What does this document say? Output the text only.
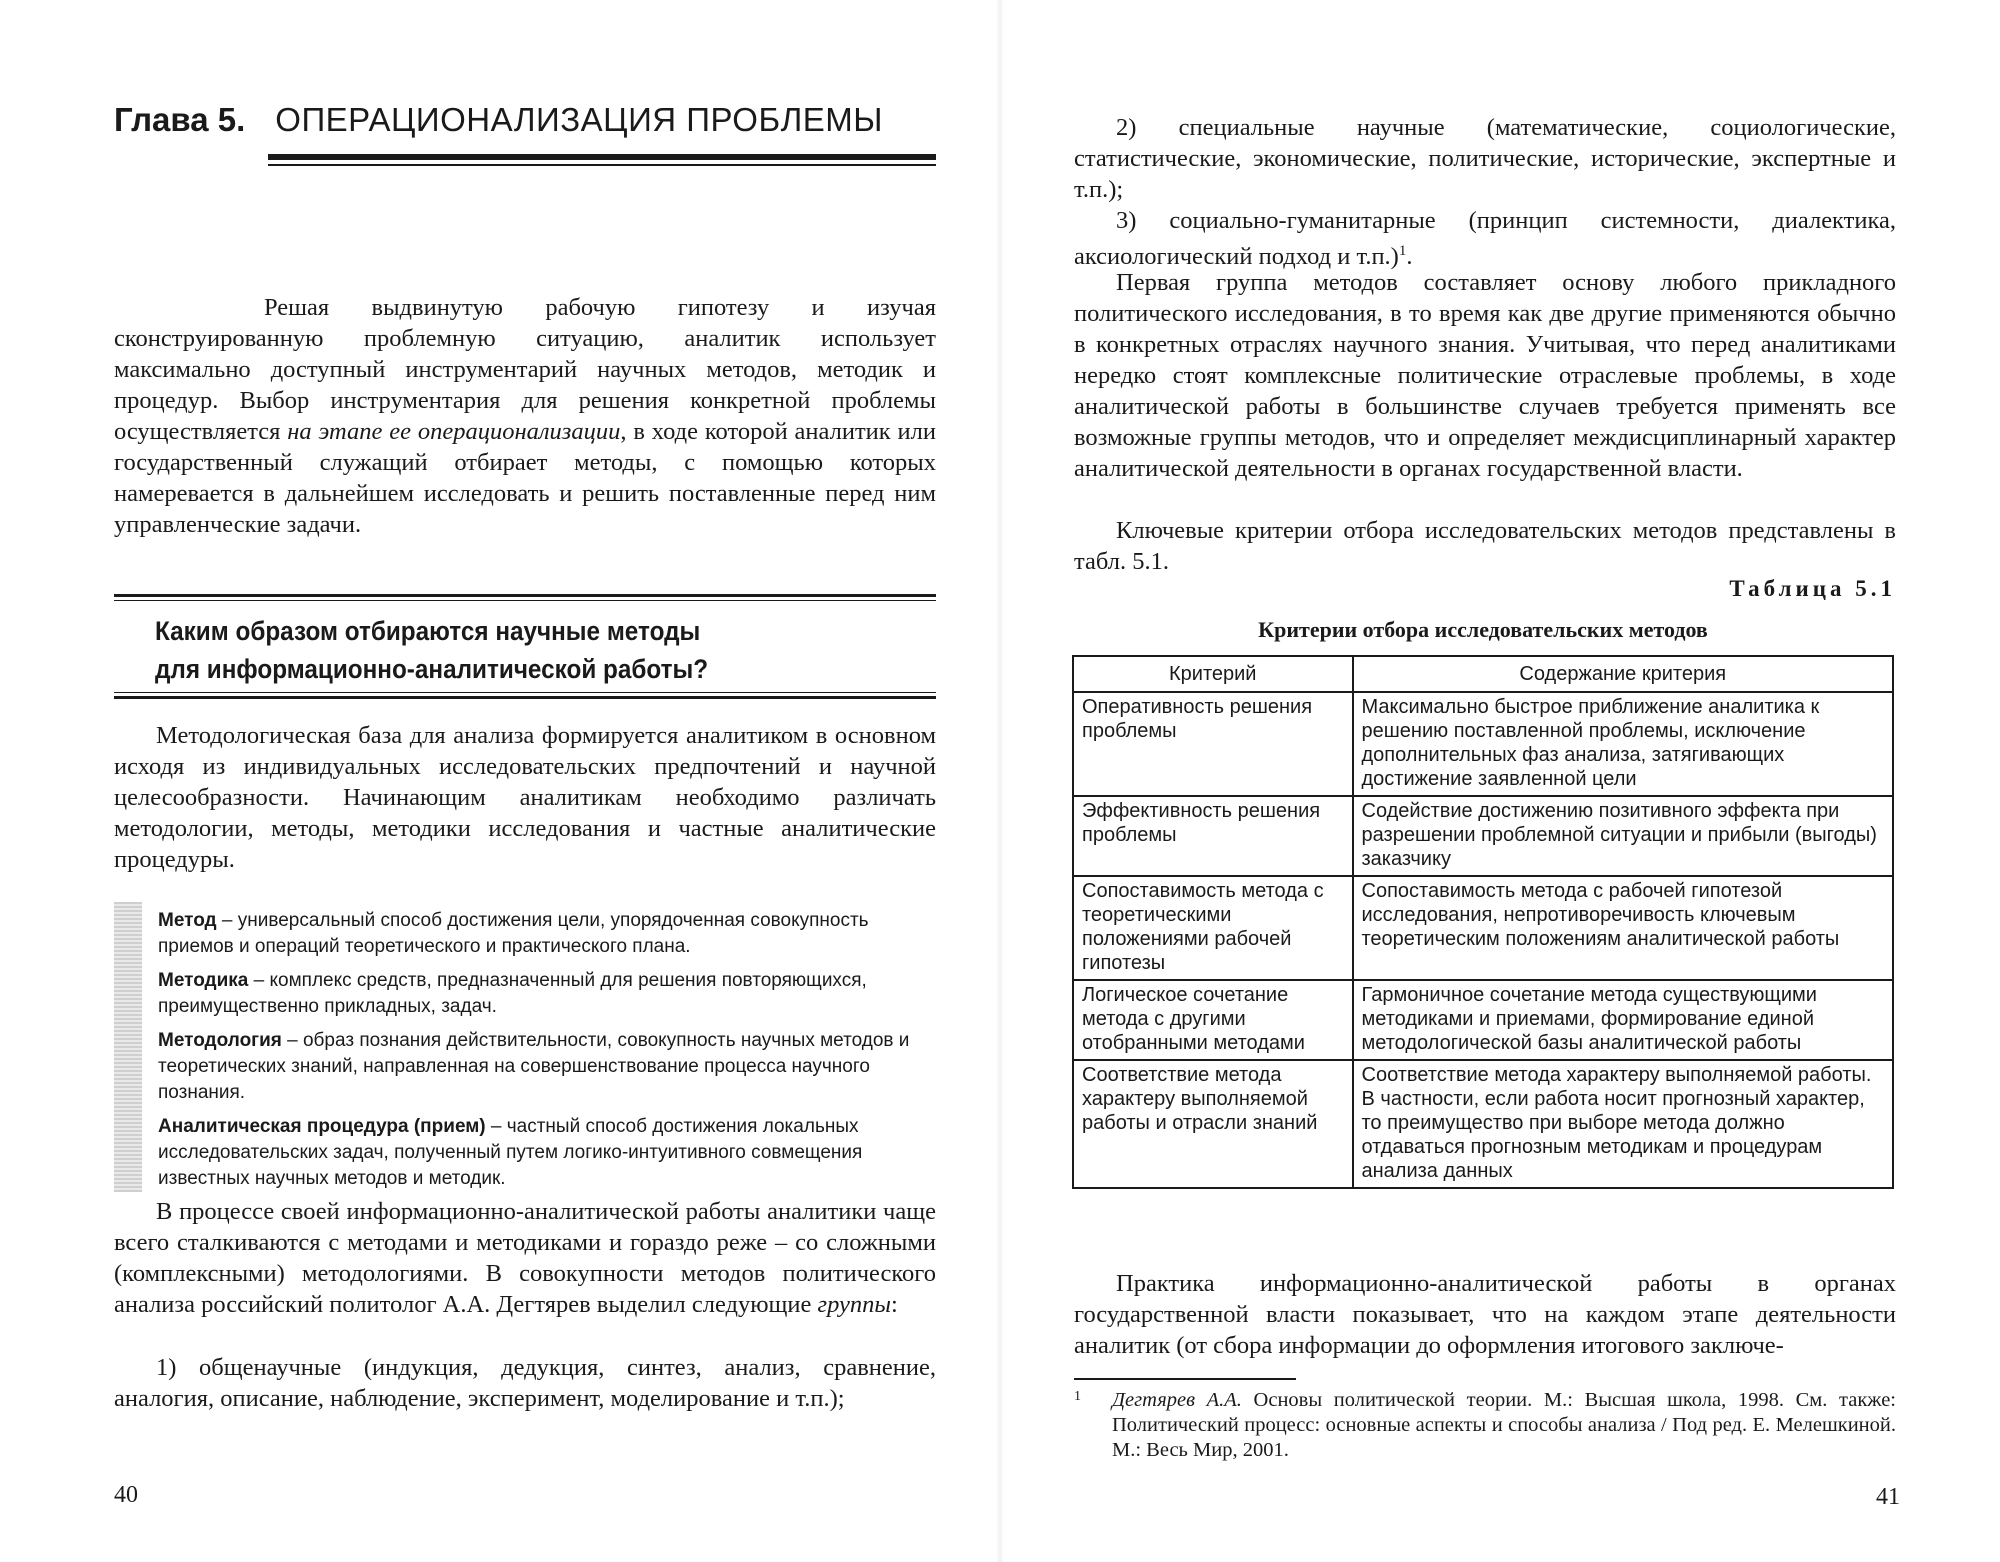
Глава 5. ОПЕРАЦИОНАЛИЗАЦИЯ ПРОБЛЕМЫ
Решая выдвинутую рабочую гипотезу и изучая сконструированную проблемную ситуацию, аналитик использует максимально доступный инструментарий научных методов, методик и процедур. Выбор инструментария для решения конкретной проблемы осуществляется на этапе ее операционализации, в ходе которой аналитик или государственный служащий отбирает методы, с помощью которых намеревается в дальнейшем исследовать и решить поставленные перед ним управленческие задачи.
Каким образом отбираются научные методы
для информационно-аналитической работы?
Методологическая база для анализа формируется аналитиком в основном исходя из индивидуальных исследовательских предпочтений и научной целесообразности. Начинающим аналитикам необходимо различать методологии, методы, методики исследования и частные аналитические процедуры.
Метод – универсальный способ достижения цели, упорядоченная совокупность приемов и операций теоретического и практического плана.
Методика – комплекс средств, предназначенный для решения повторяющихся, преимущественно прикладных, задач.
Методология – образ познания действительности, совокупность научных методов и теоретических знаний, направленная на совершенствование процесса научного познания.
Аналитическая процедура (прием) – частный способ достижения локальных исследовательских задач, полученный путем логико-интуитивного совмещения известных научных методов и методик.
В процессе своей информационно-аналитической работы аналитики чаще всего сталкиваются с методами и методиками и гораздо реже – со сложными (комплексными) методологиями. В совокупности методов политического анализа российский политолог А.А. Дегтярев выделил следующие группы:
1) общенаучные (индукция, дедукция, синтез, анализ, сравнение, аналогия, описание, наблюдение, эксперимент, моделирование и т.п.);
40
2) специальные научные (математические, социологические, статистические, экономические, политические, исторические, экспертные и т.п.);
3) социально-гуманитарные (принцип системности, диалектика, аксиологический подход и т.п.)$^1$.
Первая группа методов составляет основу любого прикладного политического исследования, в то время как две другие применяются обычно в конкретных отраслях научного знания. Учитывая, что перед аналитиками нередко стоят комплексные политические отраслевые проблемы, в ходе аналитической работы в большинстве случаев требуется применять все возможные группы методов, что и определяет междисциплинарный характер аналитической деятельности в органах государственной власти.
Ключевые критерии отбора исследовательских методов представлены в табл. 5.1.
Таблица 5.1
Критерии отбора исследовательских методов
Критерий	Содержание критерия
Оперативность решения проблемы	Максимально быстрое приближение аналитика к решению поставленной проблемы, исключение дополнительных фаз анализа, затягивающих достижение заявленной цели
Эффективность решения проблемы	Содействие достижению позитивного эффекта при разрешении проблемной ситуации и прибыли (выгоды) заказчику
Сопоставимость метода с теоретическими положениями рабочей гипотезы	Сопоставимость метода с рабочей гипотезой исследования, непротиворечивость ключевым теоретическим положениям аналитической работы
Логическое сочетание метода с другими отобранными методами	Гармоничное сочетание метода существующими методиками и приемами, формирование единой методологической базы аналитической работы
Соответствие метода характеру выполняемой работы и отрасли знаний	Соответствие метода характеру выполняемой работы. В частности, если работа носит прогнозный характер, то преимущество при выборе метода должно отдаваться прогнозным методикам и процедурам анализа данных
Практика информационно-аналитической работы в органах государственной власти показывает, что на каждом этапе деятельности аналитик (от сбора информации до оформления итогового заключе-
1	Дегтярев А.А. Основы политической теории. М.: Высшая школа, 1998. См. также: Политический процесс: основные аспекты и способы анализа / Под ред. Е. Мелешкиной. М.: Весь Мир, 2001.
41
